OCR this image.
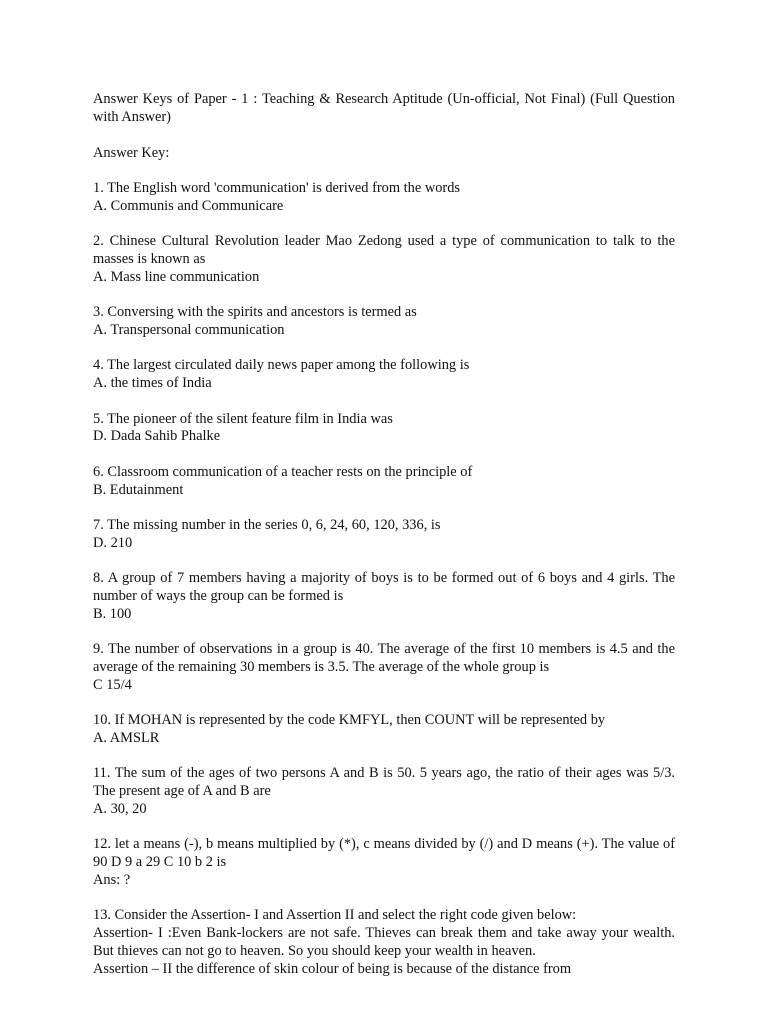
Answer Keys of Paper - 1 : Teaching & Research Aptitude (Un-official, Not Final) (Full Question with Answer)
Answer Key:
1. The English word 'communication' is derived from the words
A. Communis and Communicare
2. Chinese Cultural Revolution leader Mao Zedong used a type of communication to talk to the masses is known as
A. Mass line communication
3. Conversing with the spirits and ancestors is termed as
A. Transpersonal communication
4. The largest circulated daily news paper among the following is
A. the times of India
5. The pioneer of the silent feature film in India was
D. Dada Sahib Phalke
6. Classroom communication of a teacher rests on the principle of
B. Edutainment
7. The missing number in the series 0, 6, 24, 60, 120, 336, is
D. 210
8. A group of 7 members having a majority of boys is to be formed out of 6 boys and 4 girls. The number of ways the group can be formed is
B. 100
9. The number of observations in a group is 40. The average of the first 10 members is 4.5 and the average of the remaining 30 members is 3.5. The average of the whole group is
C 15/4
10. If MOHAN is represented by the code KMFYL, then COUNT will be represented by
A. AMSLR
11. The sum of the ages of two persons A and B is 50. 5 years ago, the ratio of their ages was 5/3. The present age of A and B are
A. 30, 20
12. let a means (-), b means multiplied by (*), c means divided by (/) and D means (+). The value of 90 D 9 a 29 C 10 b 2 is
Ans: ?
13. Consider the Assertion- I and Assertion II and select the right code given below:
Assertion- I :Even Bank-lockers are not safe. Thieves can break them and take away your wealth. But thieves can not go to heaven. So you should keep your wealth in heaven.
Assertion – II the difference of skin colour of being is because of the distance from
